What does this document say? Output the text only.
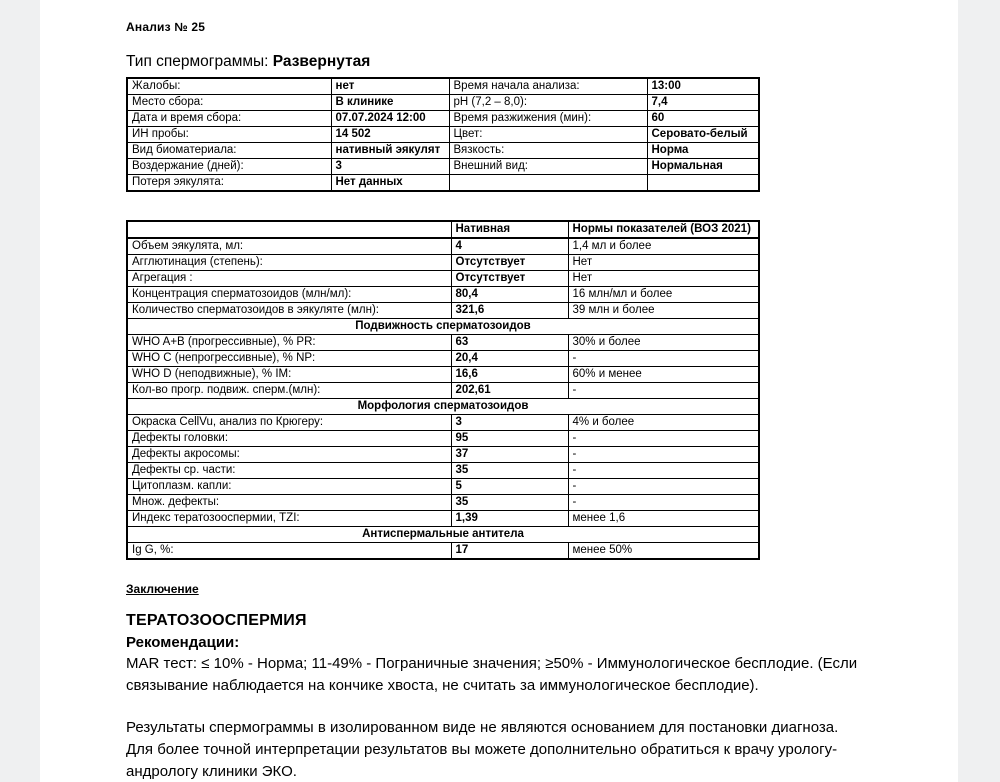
Анализ № 25
Тип спермограммы: Развернутая
Жалобы:	нет	Время начала анализа:	13:00
Место сбора:	В клинике	pH (7,2 – 8,0):	7,4
Дата и время сбора:	07.07.2024 12:00	Время разжижения (мин):	60
ИН пробы:	14 502	Цвет:	Серовато-белый
Вид биоматериала:	нативный эякулят	Вязкость:	Норма
Воздержание (дней):	3	Внешний вид:	Нормальная
Потеря эякулята:	Нет данных		
	Нативная	Нормы показателей (ВОЗ 2021)
Объем эякулята, мл:	4	1,4 мл и более
Агглютинация (степень):	Отсутствует	Нет
Агрегация :	Отсутствует	Нет
Концентрация сперматозоидов (млн/мл):	80,4	16 млн/мл и более
Количество сперматозоидов в эякуляте (млн):	321,6	39 млн и более
Подвижность сперматозоидов		
WHO A+B (прогрессивные), % PR:	63	30% и более
WHO C (непрогрессивные), % NP:	20,4	-
WHO D (неподвижные), % IM:	16,6	60% и менее
Кол-во прогр. подвиж. сперм.(млн):	202,61	-
Морфология сперматозоидов		
Окраска CellVu, анализ по Крюгеру:	3	4% и более
Дефекты головки:	95	-
Дефекты акросомы:	37	-
Дефекты ср. части:	35	-
Цитоплазм. капли:	5	-
Множ. дефекты:	35	-
Индекс тератозооспермии, TZI:	1,39	менее 1,6
Антиспермальные антитела		
Ig G, %:	17	менее 50%
Заключение
ТЕРАТОЗООСПЕРМИЯ
Рекомендации:
MAR тест: ≤ 10% - Норма; 11-49% - Пограничные значения; ≥50% - Иммунологическое бесплодие. (Если связывание наблюдается на кончике хвоста, не считать за иммунологическое бесплодие).
Результаты спермограммы в изолированном виде не являются основанием для постановки диагноза. Для более точной интерпретации результатов вы можете дополнительно обратиться к врачу урологу-андрологу клиники ЭКО.
